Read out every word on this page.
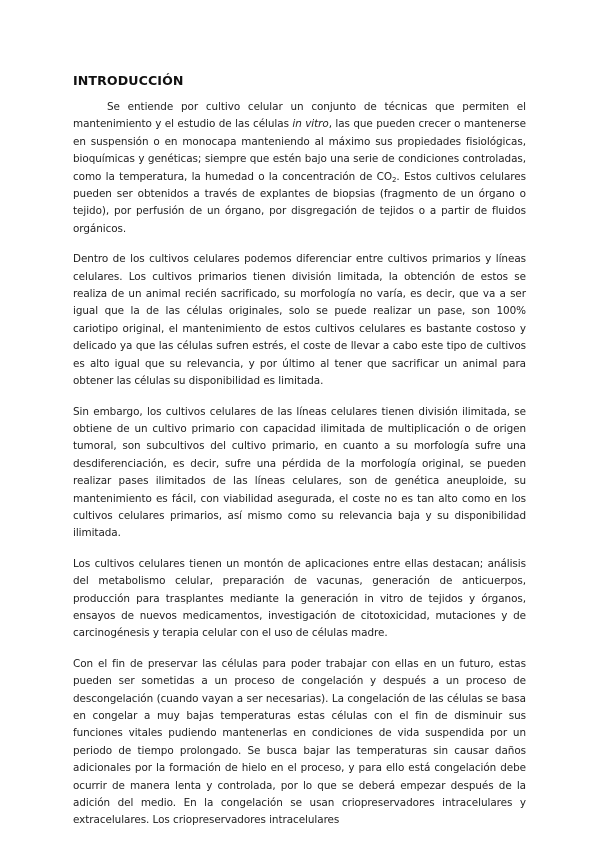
INTRODUCCIÓN

Se entiende por cultivo celular un conjunto de técnicas que permiten el mantenimiento y el estudio de las células in vitro, las que pueden crecer o mantenerse en suspensión o en monocapa manteniendo al máximo sus propiedades fisiológicas, bioquímicas y genéticas; siempre que estén bajo una serie de condiciones controladas, como la temperatura, la humedad o la concentración de $CO_2$. Estos cultivos celulares pueden ser obtenidos a través de explantes de biopsias (fragmento de un órgano o tejido), por perfusión de un órgano, por disgregación de tejidos o a partir de fluidos orgánicos.

Dentro de los cultivos celulares podemos diferenciar entre cultivos primarios y líneas celulares. Los cultivos primarios tienen división limitada, la obtención de estos se realiza de un animal recién sacrificado, su morfología no varía, es decir, que va a ser igual que la de las células originales, solo se puede realizar un pase, son 100% cariotipo original, el mantenimiento de estos cultivos celulares es bastante costoso y delicado ya que las células sufren estrés, el coste de llevar a cabo este tipo de cultivos es alto igual que su relevancia, y por último al tener que sacrificar un animal para obtener las células su disponibilidad es limitada.

Sin embargo, los cultivos celulares de las líneas celulares tienen división ilimitada, se obtiene de un cultivo primario con capacidad ilimitada de multiplicación o de origen tumoral, son subcultivos del cultivo primario, en cuanto a su morfología sufre una desdiferenciación, es decir, sufre una pérdida de la morfología original, se pueden realizar pases ilimitados de las líneas celulares, son de genética aneuploide, su mantenimiento es fácil, con viabilidad asegurada, el coste no es tan alto como en los cultivos celulares primarios, así mismo como su relevancia baja y su disponibilidad ilimitada.

Los cultivos celulares tienen un montón de aplicaciones entre ellas destacan; análisis del metabolismo celular, preparación de vacunas, generación de anticuerpos, producción para trasplantes mediante la generación in vitro de tejidos y órganos, ensayos de nuevos medicamentos, investigación de citotoxicidad, mutaciones y de carcinogénesis y terapia celular con el uso de células madre.

Con el fin de preservar las células para poder trabajar con ellas en un futuro, estas pueden ser sometidas a un proceso de congelación y después a un proceso de descongelación (cuando vayan a ser necesarias). La congelación de las células se basa en congelar a muy bajas temperaturas estas células con el fin de disminuir sus funciones vitales pudiendo mantenerlas en condiciones de vida suspendida por un periodo de tiempo prolongado. Se busca bajar las temperaturas sin causar daños adicionales por la formación de hielo en el proceso, y para ello está congelación debe ocurrir de manera lenta y controlada, por lo que se deberá empezar después de la adición del medio. En la congelación se usan criopreservadores intracelulares y extracelulares. Los criopreservadores intracelulares
